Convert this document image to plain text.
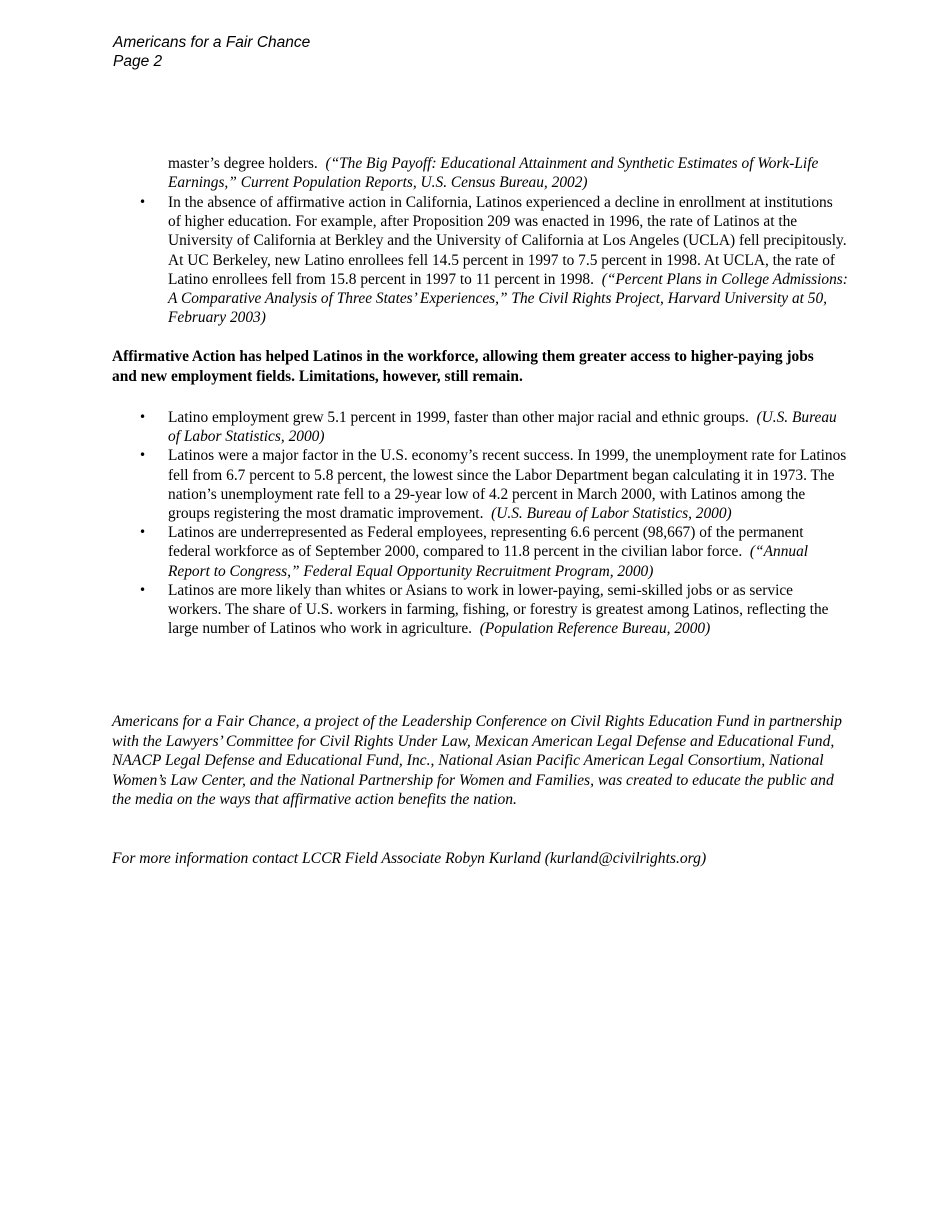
Americans for a Fair Chance
Page 2
master’s degree holders. (“The Big Payoff: Educational Attainment and Synthetic Estimates of Work-Life Earnings,” Current Population Reports, U.S. Census Bureau, 2002)
• In the absence of affirmative action in California, Latinos experienced a decline in enrollment at institutions of higher education. For example, after Proposition 209 was enacted in 1996, the rate of Latinos at the University of California at Berkley and the University of California at Los Angeles (UCLA) fell precipitously. At UC Berkeley, new Latino enrollees fell 14.5 percent in 1997 to 7.5 percent in 1998. At UCLA, the rate of Latino enrollees fell from 15.8 percent in 1997 to 11 percent in 1998. (“Percent Plans in College Admissions: A Comparative Analysis of Three States’ Experiences,” The Civil Rights Project, Harvard University at 50, February 2003)
Affirmative Action has helped Latinos in the workforce, allowing them greater access to higher-paying jobs and new employment fields. Limitations, however, still remain.
• Latino employment grew 5.1 percent in 1999, faster than other major racial and ethnic groups. (U.S. Bureau of Labor Statistics, 2000)
• Latinos were a major factor in the U.S. economy’s recent success. In 1999, the unemployment rate for Latinos fell from 6.7 percent to 5.8 percent, the lowest since the Labor Department began calculating it in 1973. The nation’s unemployment rate fell to a 29-year low of 4.2 percent in March 2000, with Latinos among the groups registering the most dramatic improvement. (U.S. Bureau of Labor Statistics, 2000)
• Latinos are underrepresented as Federal employees, representing 6.6 percent (98,667) of the permanent federal workforce as of September 2000, compared to 11.8 percent in the civilian labor force. (“Annual Report to Congress,” Federal Equal Opportunity Recruitment Program, 2000)
• Latinos are more likely than whites or Asians to work in lower-paying, semi-skilled jobs or as service workers. The share of U.S. workers in farming, fishing, or forestry is greatest among Latinos, reflecting the large number of Latinos who work in agriculture. (Population Reference Bureau, 2000)
Americans for a Fair Chance, a project of the Leadership Conference on Civil Rights Education Fund in partnership with the Lawyers’ Committee for Civil Rights Under Law, Mexican American Legal Defense and Educational Fund, NAACP Legal Defense and Educational Fund, Inc., National Asian Pacific American Legal Consortium, National Women’s Law Center, and the National Partnership for Women and Families, was created to educate the public and the media on the ways that affirmative action benefits the nation.
For more information contact LCCR Field Associate Robyn Kurland (kurland@civilrights.org)
